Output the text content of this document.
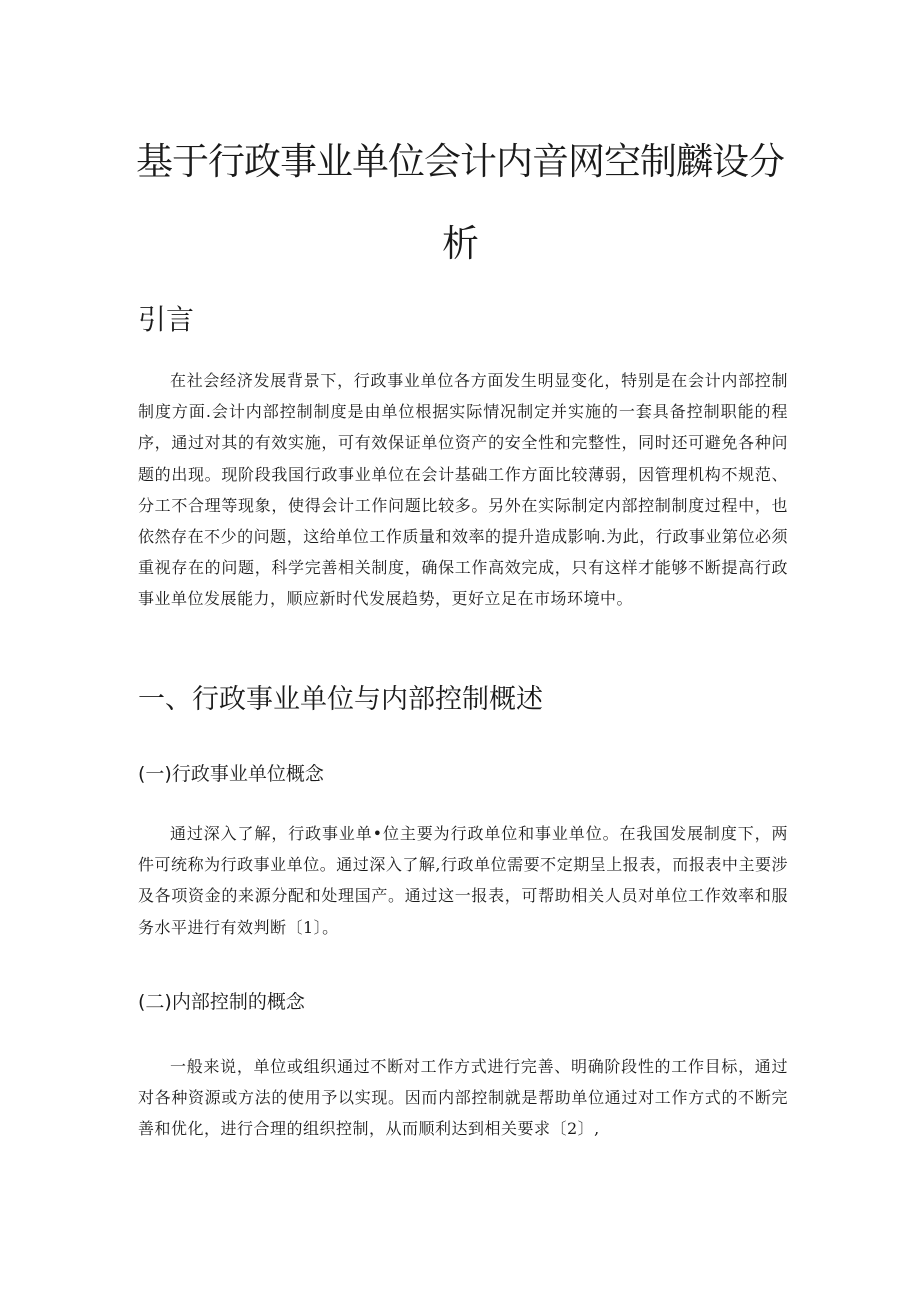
基于行政事业单位会计内音网空制麟设分
析
引言

在社会经济发展背景下，行政事业单位各方面发生明显变化，特别是在会计内部控制制度方面.会计内部控制制度是由单位根据实际情况制定并实施的一套具备控制职能的程序，通过对其的有效实施，可有效保证单位资产的安全性和完整性，同时还可避免各种问题的出现。现阶段我国行政事业单位在会计基础工作方面比较薄弱，因管理机构不规范、分工不合理等现象，使得会计工作问题比较多。另外在实际制定内部控制制度过程中，也依然存在不少的问题，这给单位工作质量和效率的提升造成影响.为此，行政事业第位必须重视存在的问题，科学完善相关制度，确保工作高效完成，只有这样才能够不断提高行政事业单位发展能力，顺应新时代发展趋势，更好立足在市场环境中。

一、行政事业单位与内部控制概述
(一)行政事业单位概念

通过深入了解，行政事业单•位主要为行政单位和事业单位。在我国发展制度下，两件可统称为行政事业单位。通过深入了解,行政单位需要不定期呈上报表，而报表中主要涉及各项资金的来源分配和处理国产。通过这一报表，可帮助相关人员对单位工作效率和服务水平进行有效判断〔1〕。

(二)内部控制的概念

一般来说，单位或组织通过不断对工作方式进行完善、明确阶段性的工作目标，通过对各种资源或方法的使用予以实现。因而内部控制就是帮助单位通过对工作方式的不断完善和优化，进行合理的组织控制，从而顺利达到相关要求〔2〕,
